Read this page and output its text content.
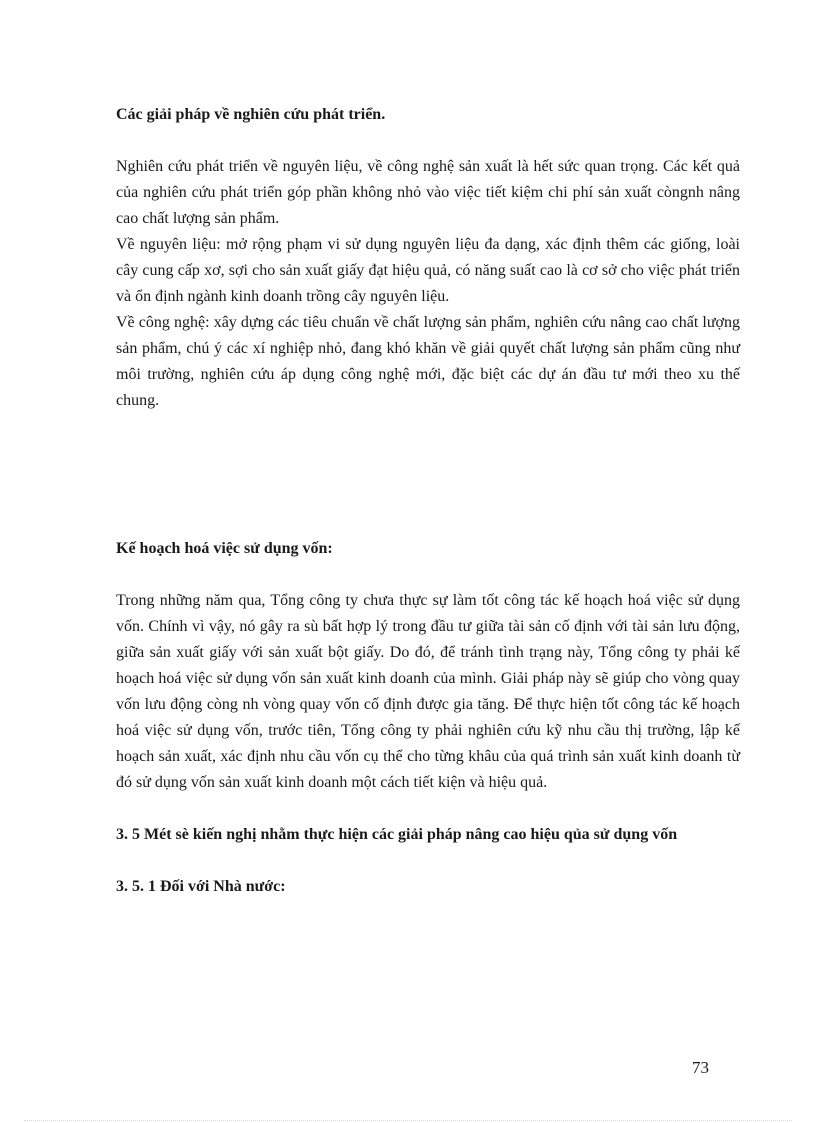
Các giải pháp về nghiên cứu phát triển.

Nghiên cứu phát triển về nguyên liệu, về công nghệ sản xuất là hết sức quan trọng. Các kết quả của nghiên cứu phát triển góp phần không nhỏ vào việc tiết kiệm chi phí sản xuất còngnh nâng cao chất lượng sản phẩm.

Về nguyên liệu: mở rộng phạm vi sử dụng nguyên liệu đa dạng, xác định thêm các giống, loài cây cung cấp xơ, sợi cho sản xuất giấy đạt hiệu quả, có năng suất cao là cơ sở cho việc phát triển và ổn định ngành kinh doanh trồng cây nguyên liệu.

Về công nghệ: xây dựng các tiêu chuẩn về chất lượng sản phẩm, nghiên cứu nâng cao chất lượng sản phẩm, chú ý các xí nghiệp nhỏ, đang khó khăn về giải quyết chất lượng sản phẩm cũng như môi trường, nghiên cứu áp dụng công nghệ mới, đặc biệt các dự án đầu tư mới theo xu thế chung.

Kế hoạch hoá việc sử dụng vốn:

Trong những năm qua, Tổng công ty chưa thực sự làm tốt công tác kế hoạch hoá việc sử dụng vốn. Chính vì vậy, nó gây ra sù bất hợp lý trong đầu tư giữa tài sản cố định với tài sản lưu động, giữa sản xuất giấy với sản xuất bột giấy. Do đó, để tránh tình trạng này, Tổng công ty phải kế hoạch hoá việc sử dụng vốn sản xuất kinh doanh của mình. Giải pháp này sẽ giúp cho vòng quay vốn lưu động còng nh vòng quay vốn cố định được gia tăng. Để thực hiện tốt công tác kế hoạch hoá việc sử dụng vốn, trước tiên, Tổng công ty phải nghiên cứu kỹ nhu cầu thị trường, lập kế hoạch sản xuất, xác định nhu cầu vốn cụ thể cho từng khâu của quá trình sản xuất kinh doanh từ đó sử dụng vốn sản xuất kinh doanh một cách tiết kiện và hiệu quả.

3. 5 Mét sè kiến nghị nhằm thực hiện các giải pháp nâng cao hiệu qủa sử dụng vốn

3. 5. 1 Đối với Nhà nước:

73
